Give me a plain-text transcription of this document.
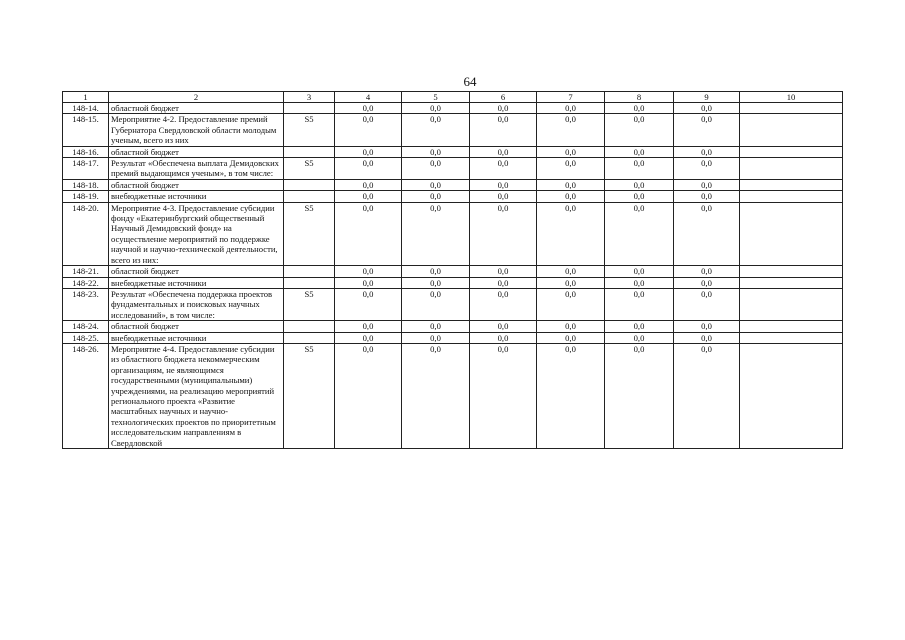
64
1	2	3	4	5	6	7	8	9	10
148-14.	областной бюджет		0,0	0,0	0,0	0,0	0,0	0,0	
148-15.	Мероприятие 4-2. Предоставление премий Губернатора Свердловской области молодым ученым, всего из них	S5	0,0	0,0	0,0	0,0	0,0	0,0	
148-16.	областной бюджет		0,0	0,0	0,0	0,0	0,0	0,0	
148-17.	Результат «Обеспечена выплата Демидовских премий выдающимся ученым», в том числе:	S5	0,0	0,0	0,0	0,0	0,0	0,0	
148-18.	областной бюджет		0,0	0,0	0,0	0,0	0,0	0,0	
148-19.	внебюджетные источники		0,0	0,0	0,0	0,0	0,0	0,0	
148-20.	Мероприятие 4-3. Предоставление субсидии фонду «Екатеринбургский общественный Научный Демидовский фонд» на осуществление мероприятий по поддержке научной и научно-технической деятельности, всего из них:	S5	0,0	0,0	0,0	0,0	0,0	0,0	
148-21.	областной бюджет		0,0	0,0	0,0	0,0	0,0	0,0	
148-22.	внебюджетные источники		0,0	0,0	0,0	0,0	0,0	0,0	
148-23.	Результат «Обеспечена поддержка проектов фундаментальных и поисковых научных исследований», в том числе:	S5	0,0	0,0	0,0	0,0	0,0	0,0	
148-24.	областной бюджет		0,0	0,0	0,0	0,0	0,0	0,0	
148-25.	внебюджетные источники		0,0	0,0	0,0	0,0	0,0	0,0	
148-26.	Мероприятие 4-4. Предоставление субсидии из областного бюджета некоммерческим организациям, не являющимся государственными (муниципальными) учреждениями, на реализацию мероприятий регионального проекта «Развитие масштабных научных и научно-технологических проектов по приоритетным исследовательским направлениям в Свердловской	S5	0,0	0,0	0,0	0,0	0,0	0,0	
